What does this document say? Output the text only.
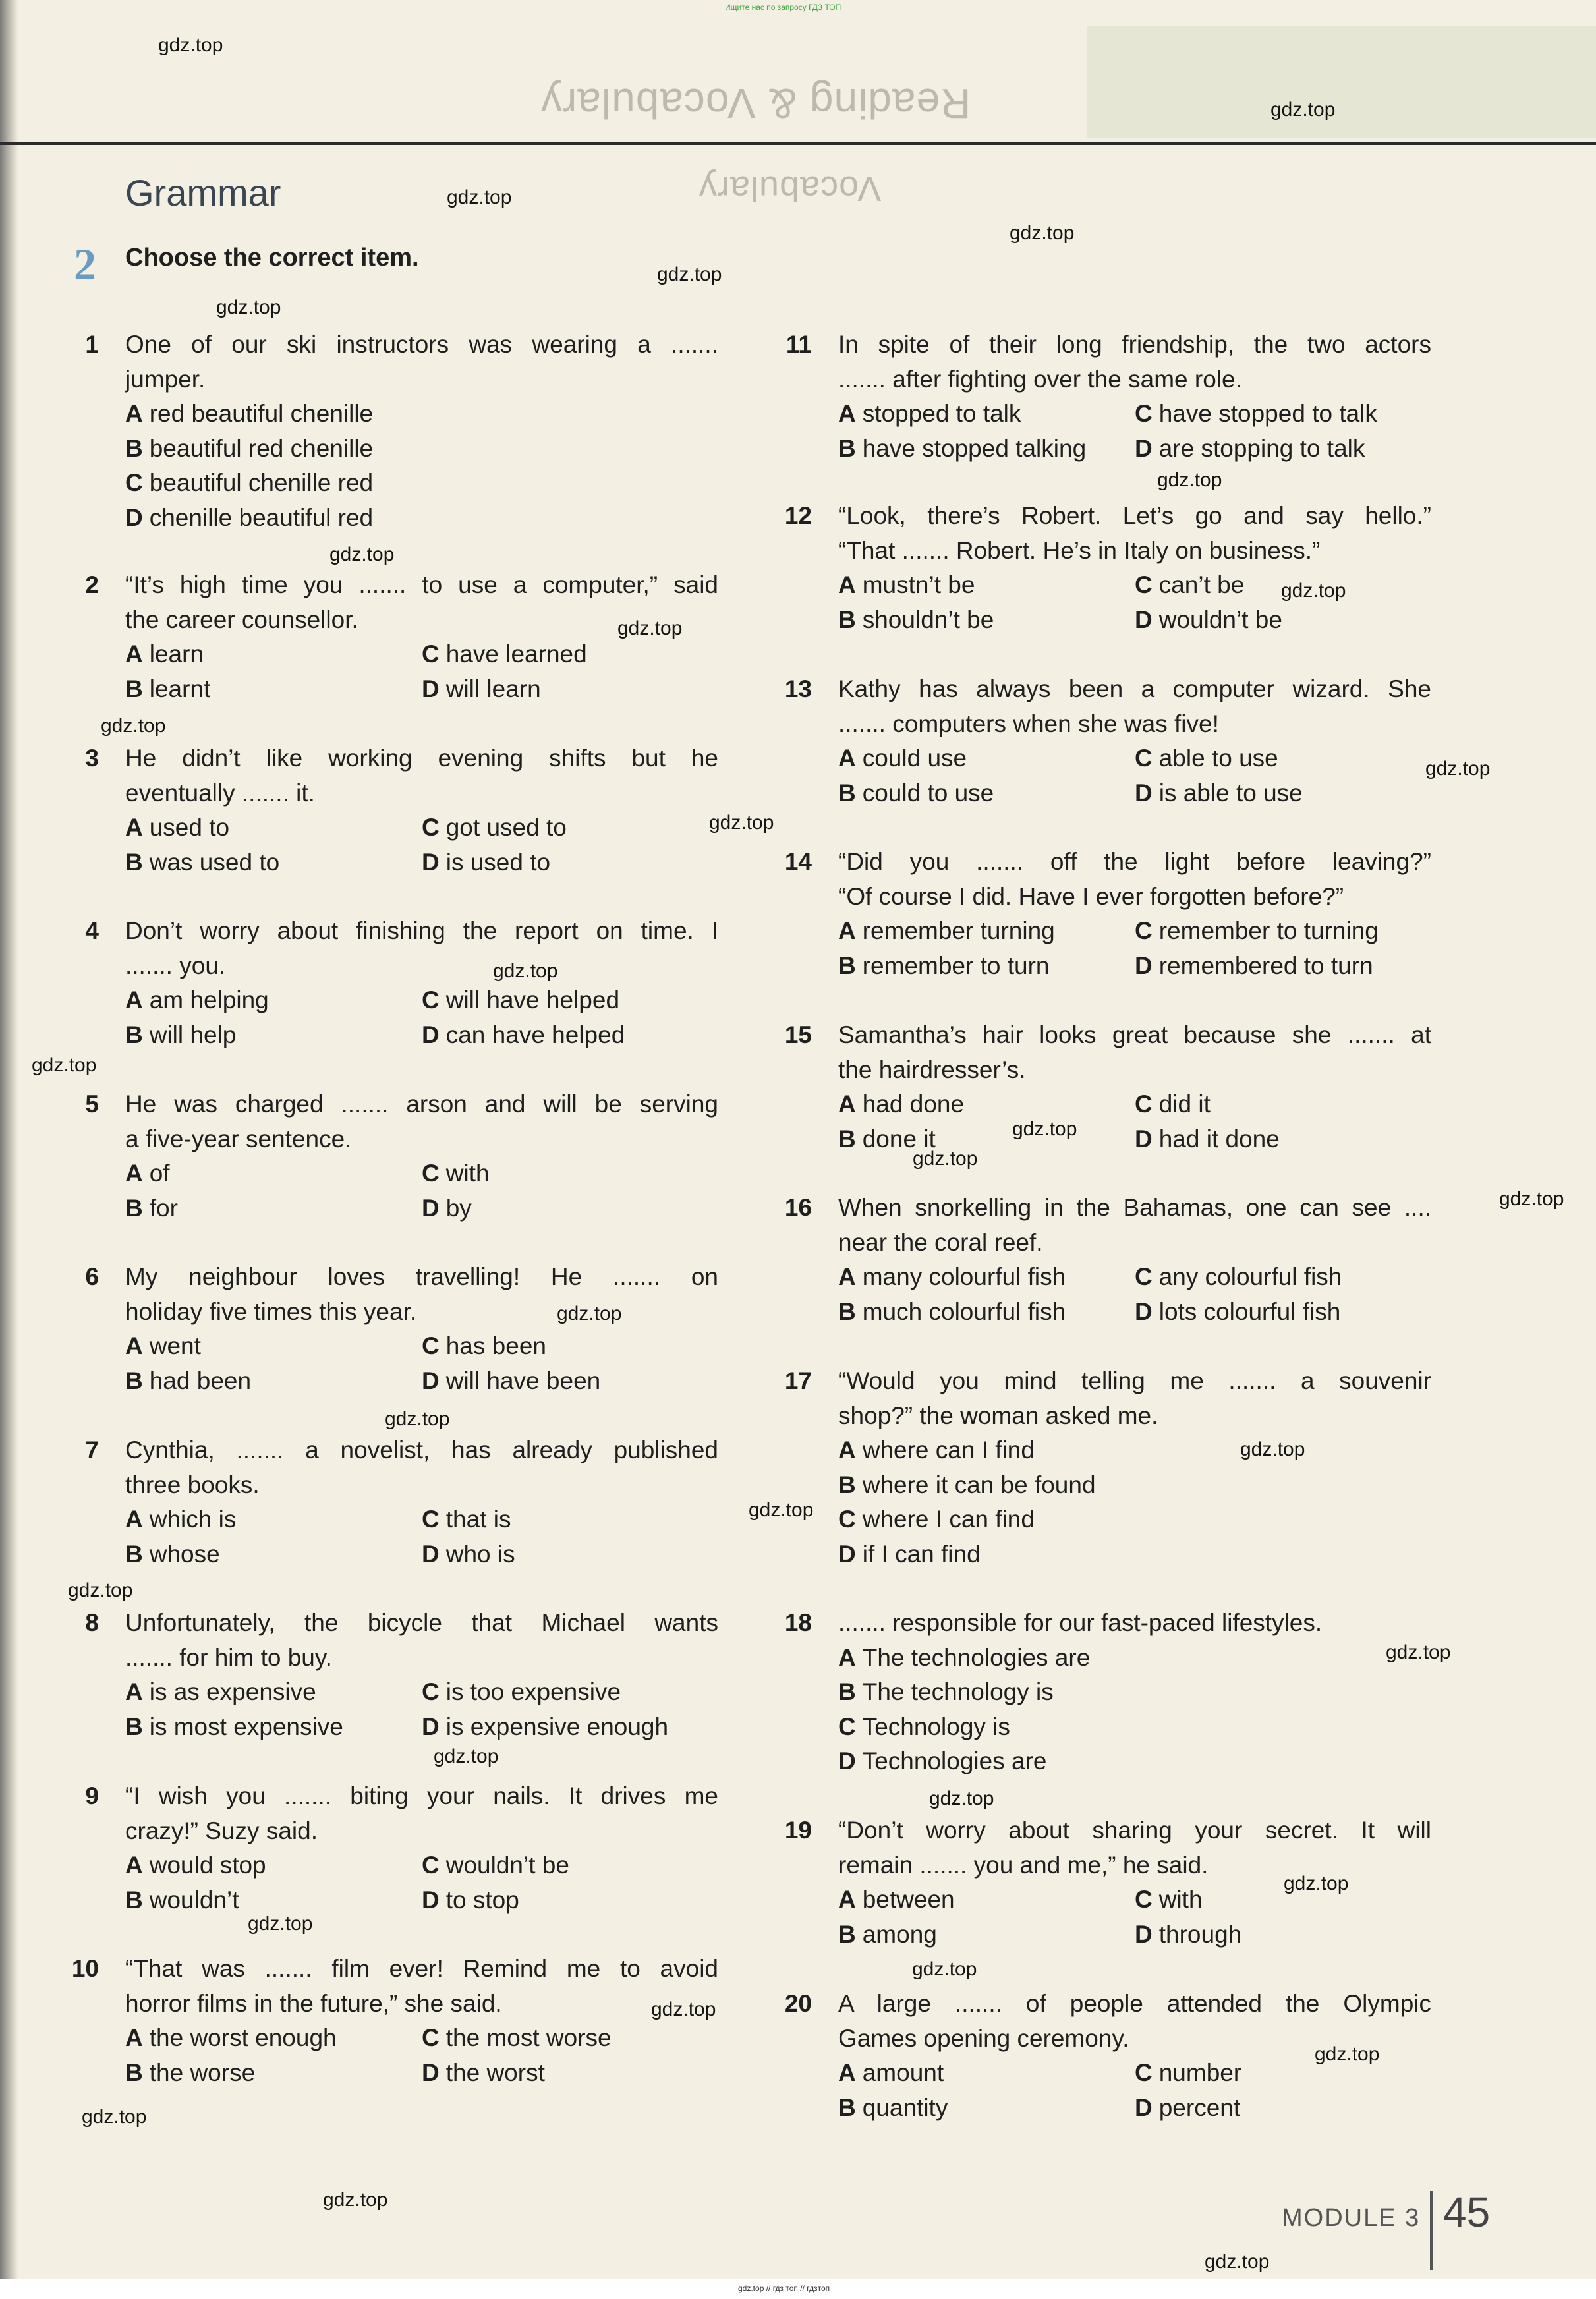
Reading & Vocabulary
Vocabulary
Ищите нас по запросу ГДЗ ТОП
Grammar
2 Choose the correct item.
1 One of our ski instructors was wearing a .......
jumper.
A red beautiful chenille
B beautiful red chenille
C beautiful chenille red
D chenille beautiful red
2 “It’s high time you ....... to use a computer,” said
the career counsellor.
A learn	C have learned
B learnt	D will learn
3 He didn’t like working evening shifts but he
eventually ....... it.
A used to	C got used to
B was used to	D is used to
4 Don’t worry about finishing the report on time. I
....... you.
A am helping	C will have helped
B will help	D can have helped
5 He was charged ....... arson and will be serving
a five-year sentence.
A of	C with
B for	D by
6 My neighbour loves travelling! He ....... on
holiday five times this year.
A went	C has been
B had been	D will have been
7 Cynthia, ....... a novelist, has already published
three books.
A which is	C that is
B whose	D who is
8 Unfortunately, the bicycle that Michael wants
....... for him to buy.
A is as expensive	C is too expensive
B is most expensive	D is expensive enough
9 “I wish you ....... biting your nails. It drives me
crazy!” Suzy said.
A would stop	C wouldn’t be
B wouldn’t	D to stop
10 “That was ....... film ever! Remind me to avoid
horror films in the future,” she said.
A the worst enough	C the most worse
B the worse	D the worst
11 In spite of their long friendship, the two actors
....... after fighting over the same role.
A stopped to talk	C have stopped to talk
B have stopped talking	D are stopping to talk
12 “Look, there’s Robert. Let’s go and say hello.”
“That ....... Robert. He’s in Italy on business.”
A mustn’t be	C can’t be
B shouldn’t be	D wouldn’t be
13 Kathy has always been a computer wizard. She
....... computers when she was five!
A could use	C able to use
B could to use	D is able to use
14 “Did you ....... off the light before leaving?”
“Of course I did. Have I ever forgotten before?”
A remember turning	C remember to turning
B remember to turn	D remembered to turn
15 Samantha’s hair looks great because she ....... at
the hairdresser’s.
A had done	C did it
B done it	D had it done
16 When snorkelling in the Bahamas, one can see ....
near the coral reef.
A many colourful fish	C any colourful fish
B much colourful fish	D lots colourful fish
17 “Would you mind telling me ....... a souvenir
shop?” the woman asked me.
A where can I find
B where it can be found
C where I can find
D if I can find
18 ....... responsible for our fast-paced lifestyles.
A The technologies are
B The technology is
C Technology is
D Technologies are
19 “Don’t worry about sharing your secret. It will
remain ....... you and me,” he said.
A between	C with
B among	D through
20 A large ....... of people attended the Olympic
Games opening ceremony.
A amount	C number
B quantity	D percent
MODULE 3 45
gdz.top // гдз топ // гдзтоп
gdz.top
gdz.top
gdz.top
gdz.top
gdz.top
gdz.top
gdz.top
gdz.top
gdz.top
gdz.top
gdz.top
gdz.top
gdz.top
gdz.top
gdz.top
gdz.top
gdz.top
gdz.top
gdz.top
gdz.top
gdz.top
gdz.top
gdz.top
gdz.top
gdz.top
gdz.top
gdz.top
gdz.top
gdz.top
gdz.top
gdz.top
gdz.top
gdz.top
gdz.top
